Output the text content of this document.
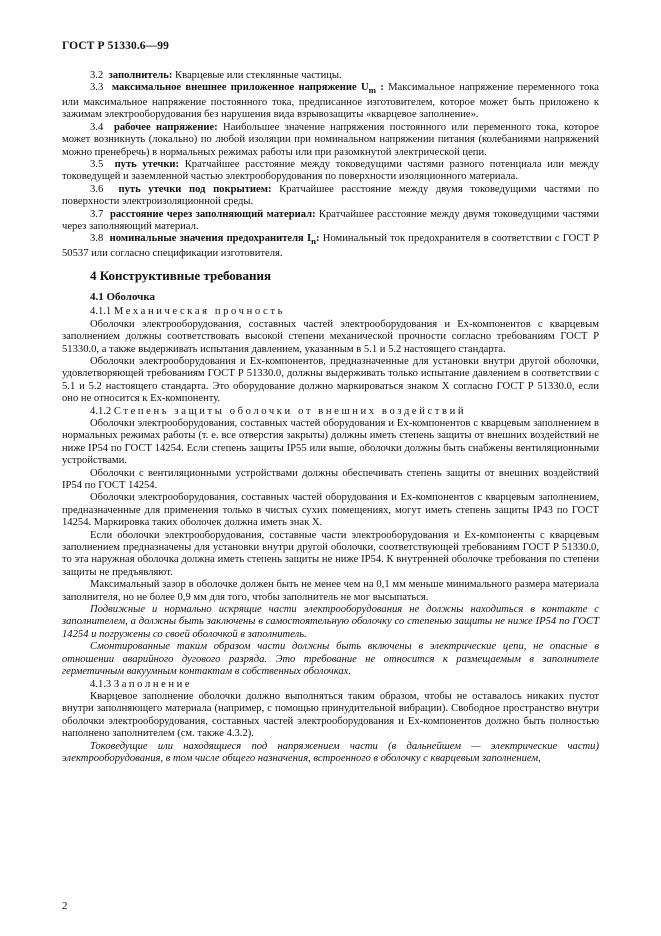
ГОСТ Р 51330.6—99

3.2 заполнитель: Кварцевые или стеклянные частицы.

3.3 максимальное внешнее приложенное напряжение $U_m$ : Максимальное напряжение переменного тока или максимальное напряжение постоянного тока, предписанное изготовителем, которое может быть приложено к зажимам электрооборудования без нарушения вида взрывозащиты «кварцевое заполнение».

3.4 рабочее напряжение: Наибольшее значение напряжения постоянного или переменного тока, которое может возникнуть (локально) по любой изоляции при номинальном напряжении питания (колебаниями напряжений можно пренебречь) в нормальных режимах работы или при разомкнутой электрической цепи.

3.5 путь утечки: Кратчайшее расстояние между токоведущими частями разного потенциала или между токоведущей и заземленной частью электрооборудования по поверхности изоляционного материала.

3.6 путь утечки под покрытием: Кратчайшее расстояние между двумя токоведущими частями по поверхности электроизоляционной среды.

3.7 расстояние через заполняющий материал: Кратчайшее расстояние между двумя токоведущими частями через заполняющий материал.

3.8 номинальные значения предохранителя $I_n$: Номинальный ток предохранителя в соответствии с ГОСТ Р 50537 или согласно спецификации изготовителя.

4 Конструктивные требования
4.1 Оболочка

4.1.1 Механическая прочность

Оболочки электрооборудования, составных частей электрооборудования и Ex-компонентов с кварцевым заполнением должны соответствовать высокой степени механической прочности согласно требованиям ГОСТ Р 51330.0, а также выдерживать испытания давлением, указанным в 5.1 и 5.2 настоящего стандарта.

Оболочки электрооборудования и Ex-компонентов, предназначенные для установки внутри другой оболочки, удовлетворяющей требованиям ГОСТ Р 51330.0, должны выдерживать только испытание давлением в соответствии с 5.1 и 5.2 настоящего стандарта. Это оборудование должно маркироваться знаком X согласно ГОСТ Р 51330.0, если оно не относится к Ex-компоненту.

4.1.2 Степень защиты оболочки от внешних воздействий

Оболочки электрооборудования, составных частей оборудования и Ex-компонентов с кварцевым заполнением в нормальных режимах работы (т. е. все отверстия закрыты) должны иметь степень защиты от внешних воздействий не ниже IP54 по ГОСТ 14254. Если степень защиты IP55 или выше, оболочки должны быть снабжены вентиляционными устройствами.

Оболочки с вентиляционными устройствами должны обеспечивать степень защиты от внешних воздействий IP54 по ГОСТ 14254.

Оболочки электрооборудования, составных частей оборудования и Ex-компонентов с кварцевым заполнением, предназначенные для применения только в чистых сухих помещениях, могут иметь степень защиты IP43 по ГОСТ 14254. Маркировка таких оболочек должна иметь знак X.

Если оболочки электрооборудования, составные части электрооборудования и Ex-компоненты с кварцевым заполнением предназначены для установки внутри другой оболочки, соответствующей требованиям ГОСТ Р 51330.0, то эта наружная оболочка должна иметь степень защиты не ниже IP54. К внутренней оболочке требования по степени защиты не предъявляют.

Максимальный зазор в оболочке должен быть не менее чем на 0,1 мм меньше минимального размера материала заполнителя, но не более 0,9 мм для того, чтобы заполнитель не мог высыпаться.

Подвижные и нормально искрящие части электрооборудования не должны находиться в контакте с заполнителем, а должны быть заключены в самостоятельную оболочку со степенью защиты не ниже IP54 по ГОСТ 14254 и погружены со своей оболочкой в заполнитель.

Смонтированные таким образом части должны быть включены в электрические цепи, не опасные в отношении аварийного дугового разряда. Это требование не относится к размещаемым в заполнителе герметичным вакуумным контактам в собственных оболочках.

4.1.3 Заполнение

Кварцевое заполнение оболочки должно выполняться таким образом, чтобы не оставалось никаких пустот внутри заполняющего материала (например, с помощью принудительной вибрации). Свободное пространство внутри оболочки электрооборудования, составных частей электрооборудования и Ex-компонентов должно быть полностью наполнено заполнителем (см. также 4.3.2).

Токоведущие или находящиеся под напряжением части (в дальнейшем — электрические части) электрооборудования, в том числе общего назначения, встроенного в оболочку с кварцевым заполнением,

2
